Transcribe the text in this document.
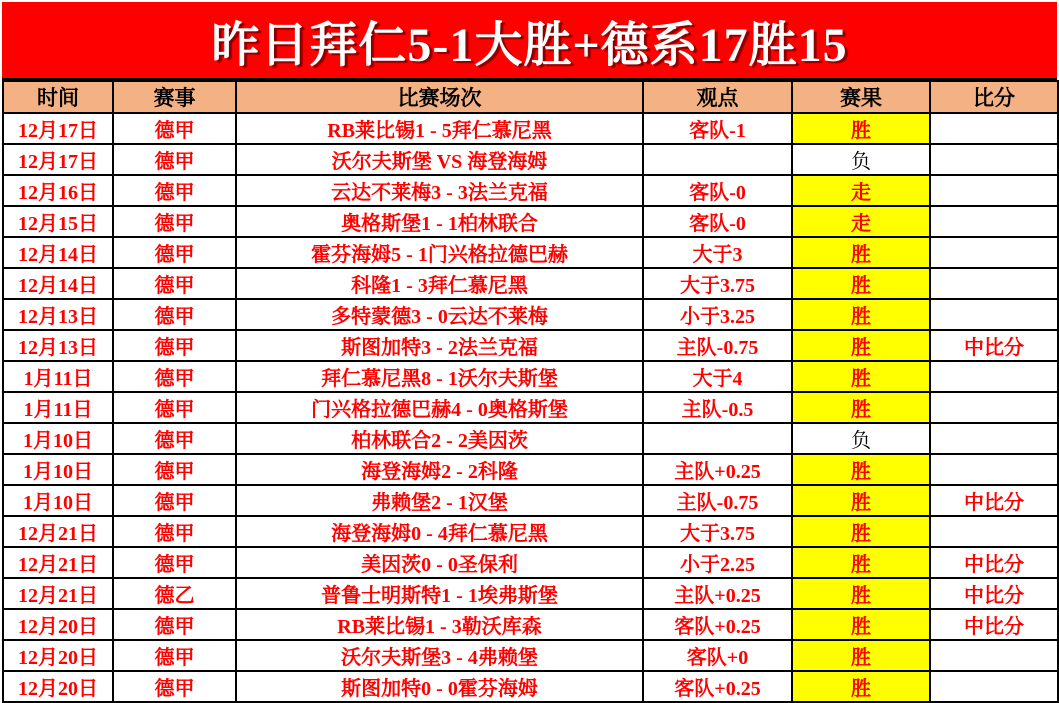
昨日拜仁5-1大胜+德系17胜15
时间	赛事	比赛场次	观点	赛果	比分
12月17日	德甲	RB莱比锡1 - 5拜仁慕尼黑	客队-1	胜	
12月17日	德甲	沃尔夫斯堡 VS 海登海姆		负	
12月16日	德甲	云达不莱梅3 - 3法兰克福	客队-0	走	
12月15日	德甲	奥格斯堡1 - 1柏林联合	客队-0	走	
12月14日	德甲	霍芬海姆5 - 1门兴格拉德巴赫	大于3	胜	
12月14日	德甲	科隆1 - 3拜仁慕尼黑	大于3.75	胜	
12月13日	德甲	多特蒙德3 - 0云达不莱梅	小于3.25	胜	
12月13日	德甲	斯图加特3 - 2法兰克福	主队-0.75	胜	中比分
1月11日	德甲	拜仁慕尼黑8 - 1沃尔夫斯堡	大于4	胜	
1月11日	德甲	门兴格拉德巴赫4 - 0奥格斯堡	主队-0.5	胜	
1月10日	德甲	柏林联合2 - 2美因茨		负	
1月10日	德甲	海登海姆2 - 2科隆	主队+0.25	胜	
1月10日	德甲	弗赖堡2 - 1汉堡	主队-0.75	胜	中比分
12月21日	德甲	海登海姆0 - 4拜仁慕尼黑	大于3.75	胜	
12月21日	德甲	美因茨0 - 0圣保利	小于2.25	胜	中比分
12月21日	德乙	普鲁士明斯特1 - 1埃弗斯堡	主队+0.25	胜	中比分
12月20日	德甲	RB莱比锡1 - 3勒沃库森	客队+0.25	胜	中比分
12月20日	德甲	沃尔夫斯堡3 - 4弗赖堡	客队+0	胜	
12月20日	德甲	斯图加特0 - 0霍芬海姆	客队+0.25	胜	
